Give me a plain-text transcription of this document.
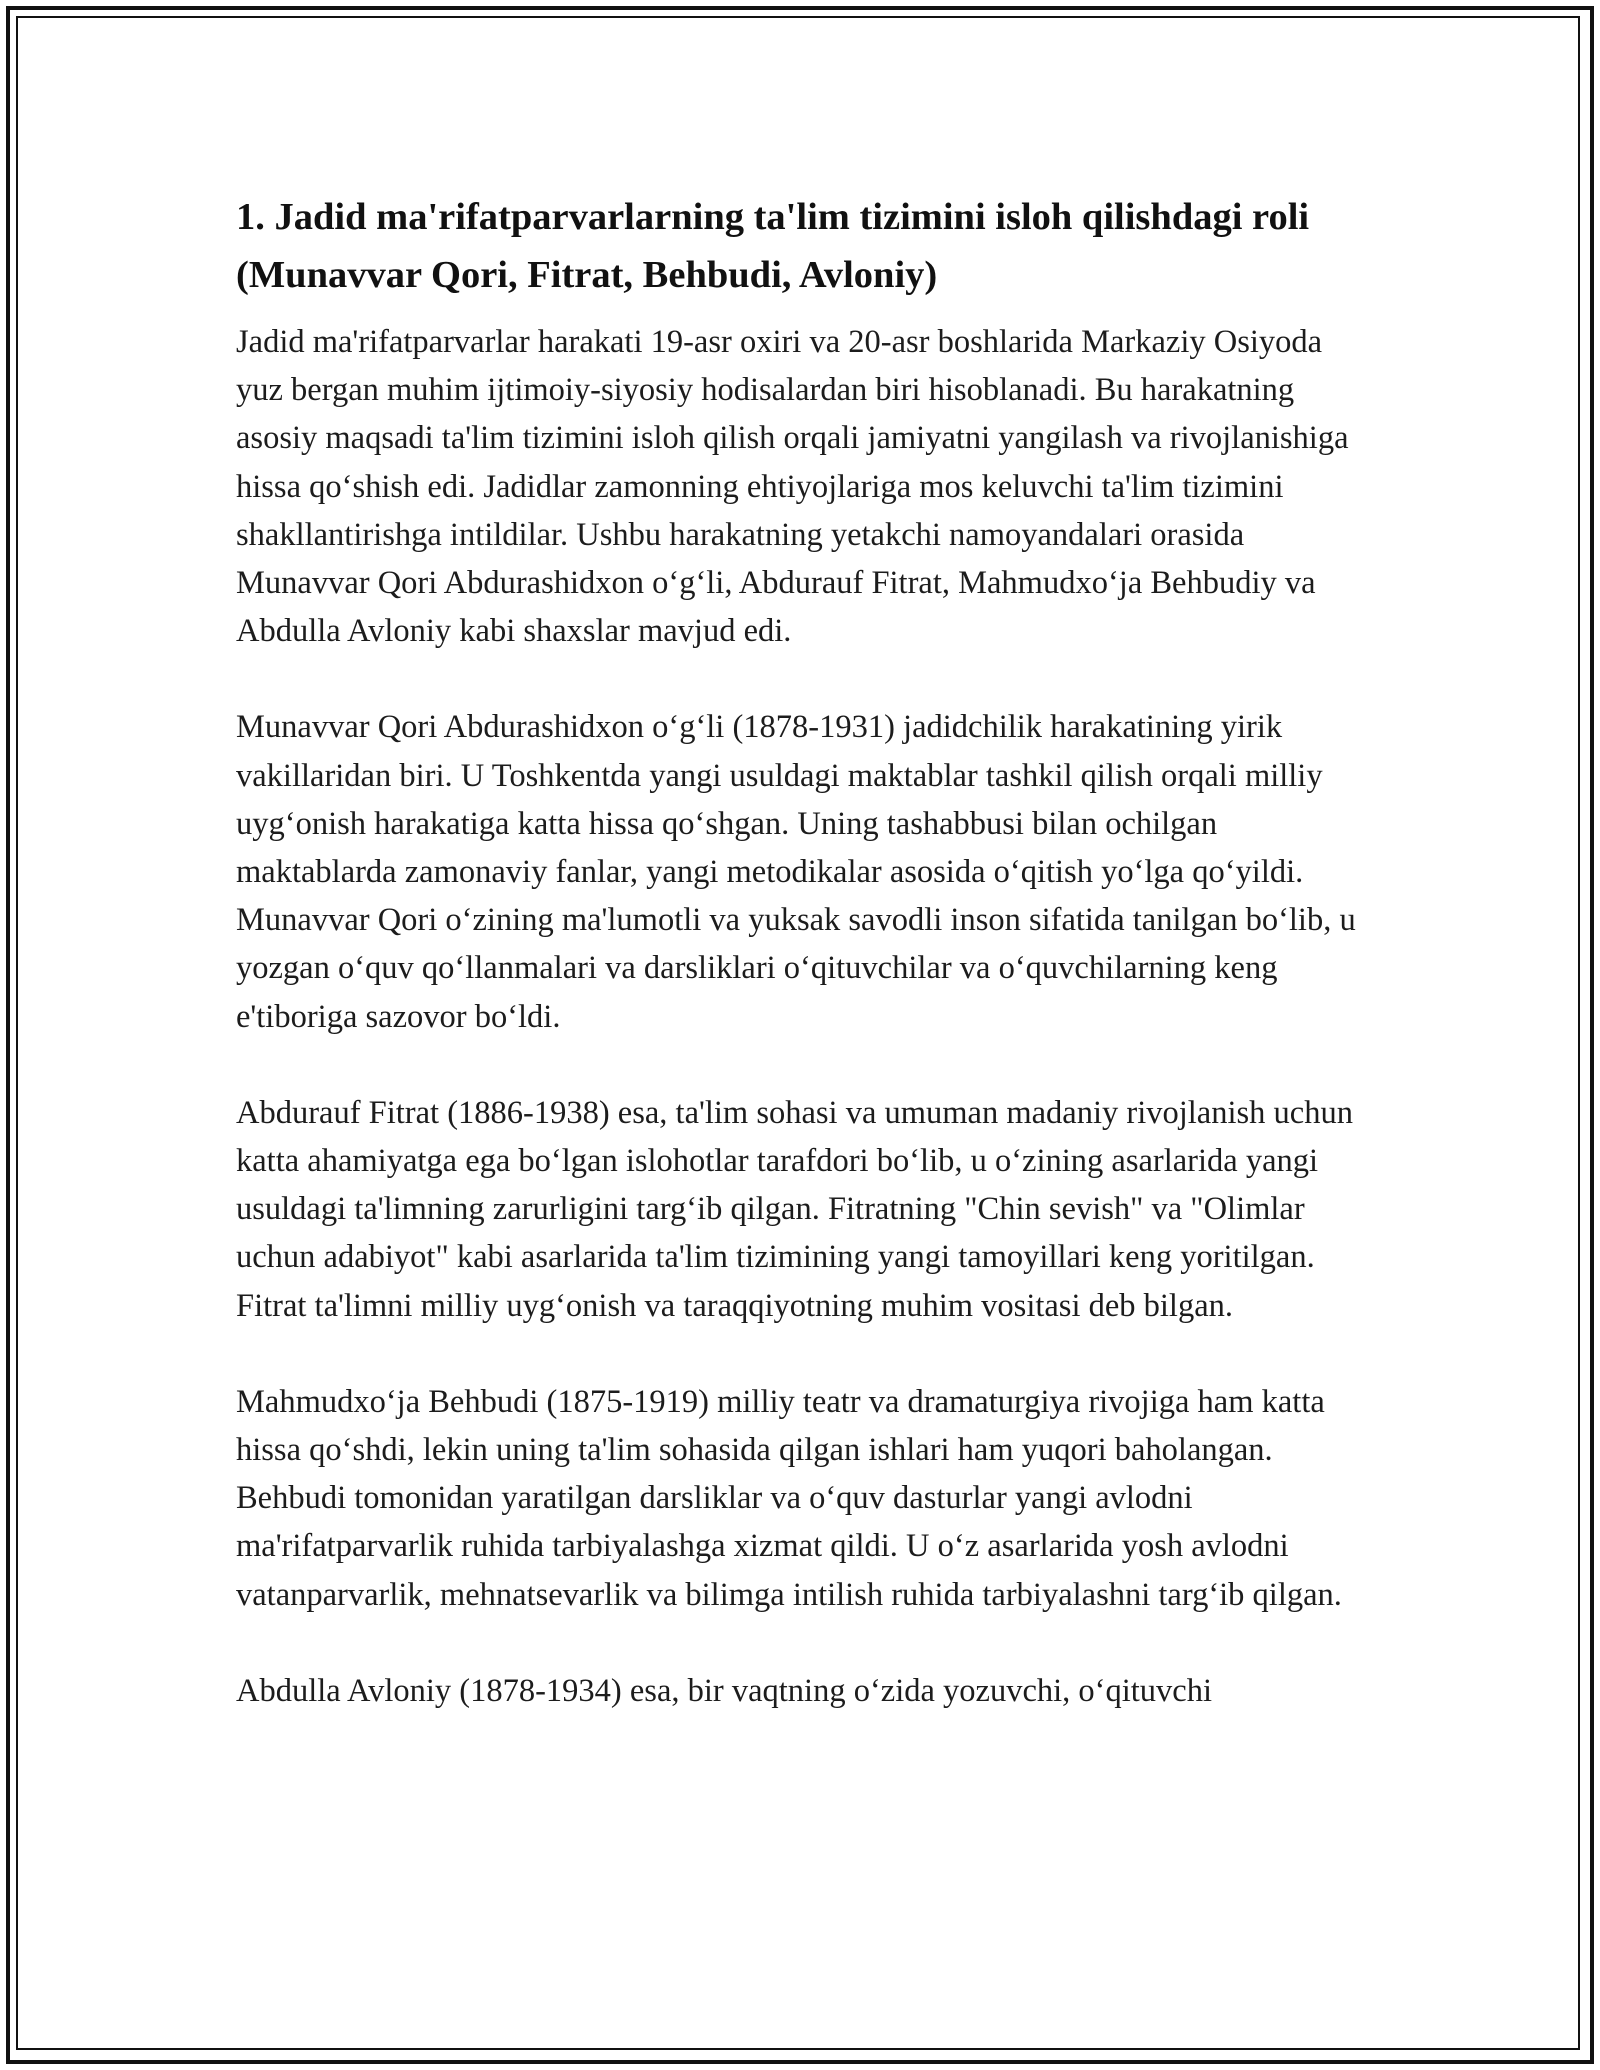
1. Jadid ma'rifatparvarlarning ta'lim tizimini isloh qilishdagi roli (Munavvar Qori, Fitrat, Behbudi, Avloniy)

Jadid ma'rifatparvarlar harakati 19-asr oxiri va 20-asr boshlarida Markaziy Osiyoda yuz bergan muhim ijtimoiy-siyosiy hodisalardan biri hisoblanadi. Bu harakatning asosiy maqsadi ta'lim tizimini isloh qilish orqali jamiyatni yangilash va rivojlanishiga hissa qoʻshish edi. Jadidlar zamonning ehtiyojlariga mos keluvchi ta'lim tizimini shakllantirishga intildilar. Ushbu harakatning yetakchi namoyandalari orasida Munavvar Qori Abdurashidxon oʻgʻli, Abdurauf Fitrat, Mahmudxoʻja Behbudiy va Abdulla Avloniy kabi shaxslar mavjud edi.

Munavvar Qori Abdurashidxon oʻgʻli (1878-1931) jadidchilik harakatining yirik vakillaridan biri. U Toshkentda yangi usuldagi maktablar tashkil qilish orqali milliy uygʻonish harakatiga katta hissa qoʻshgan. Uning tashabbusi bilan ochilgan maktablarda zamonaviy fanlar, yangi metodikalar asosida oʻqitish yoʻlga qoʻyildi. Munavvar Qori oʻzining ma'lumotli va yuksak savodli inson sifatida tanilgan boʻlib, u yozgan oʻquv qoʻllanmalari va darsliklari oʻqituvchilar va oʻquvchilarning keng e'tiboriga sazovor boʻldi.

Abdurauf Fitrat (1886-1938) esa, ta'lim sohasi va umuman madaniy rivojlanish uchun katta ahamiyatga ega boʻlgan islohotlar tarafdori boʻlib, u oʻzining asarlarida yangi usuldagi ta'limning zarurligini targʻib qilgan. Fitratning "Chin sevish" va "Olimlar uchun adabiyot" kabi asarlarida ta'lim tizimining yangi tamoyillari keng yoritilgan. Fitrat ta'limni milliy uygʻonish va taraqqiyotning muhim vositasi deb bilgan.

Mahmudxoʻja Behbudi (1875-1919) milliy teatr va dramaturgiya rivojiga ham katta hissa qoʻshdi, lekin uning ta'lim sohasida qilgan ishlari ham yuqori baholangan. Behbudi tomonidan yaratilgan darsliklar va oʻquv dasturlar yangi avlodni ma'rifatparvarlik ruhida tarbiyalashga xizmat qildi. U oʻz asarlarida yosh avlodni vatanparvarlik, mehnatsevarlik va bilimga intilish ruhida tarbiyalashni targʻib qilgan.

Abdulla Avloniy (1878-1934) esa, bir vaqtning oʻzida yozuvchi, oʻqituvchi
